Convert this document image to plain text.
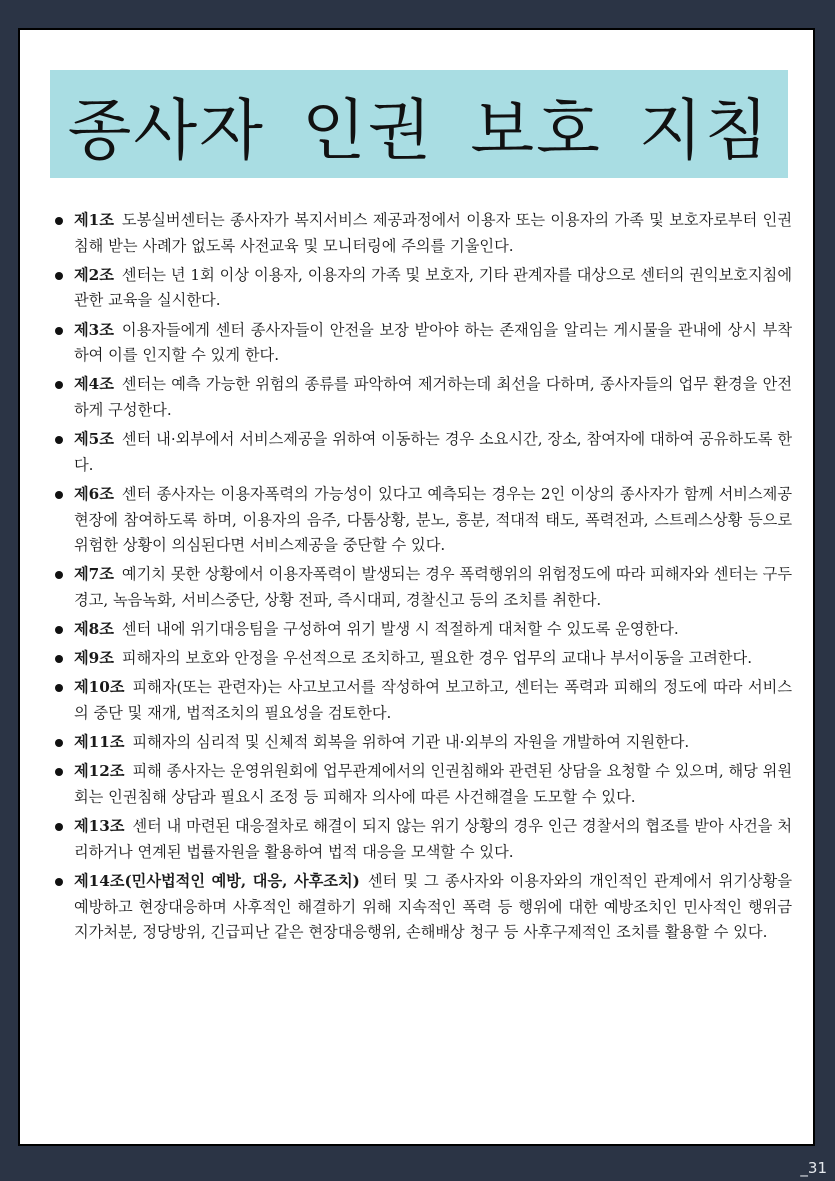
종사자 인권 보호 지침
제1조 도봉실버센터는 종사자가 복지서비스 제공과정에서 이용자 또는 이용자의 가족 및 보호자로부터 인권침해 받는 사례가 없도록 사전교육 및 모니터링에 주의를 기울인다.
제2조 센터는 년 1회 이상 이용자, 이용자의 가족 및 보호자, 기타 관계자를 대상으로 센터의 권익보호지침에 관한 교육을 실시한다.
제3조 이용자들에게 센터 종사자들이 안전을 보장 받아야 하는 존재임을 알리는 게시물을 관내에 상시 부착하여 이를 인지할 수 있게 한다.
제4조 센터는 예측 가능한 위험의 종류를 파악하여 제거하는데 최선을 다하며, 종사자들의 업무 환경을 안전하게 구성한다.
제5조 센터 내·외부에서 서비스제공을 위하여 이동하는 경우 소요시간, 장소, 참여자에 대하여 공유하도록 한다.
제6조 센터 종사자는 이용자폭력의 가능성이 있다고 예측되는 경우는 2인 이상의 종사자가 함께 서비스제공 현장에 참여하도록 하며, 이용자의 음주, 다툼상황, 분노, 흥분, 적대적 태도, 폭력전과, 스트레스상황 등으로 위험한 상황이 의심된다면 서비스제공을 중단할 수 있다.
제7조 예기치 못한 상황에서 이용자폭력이 발생되는 경우 폭력행위의 위험정도에 따라 피해자와 센터는 구두경고, 녹음녹화, 서비스중단, 상황 전파, 즉시대피, 경찰신고 등의 조치를 취한다.
제8조 센터 내에 위기대응팀을 구성하여 위기 발생 시 적절하게 대처할 수 있도록 운영한다.
제9조 피해자의 보호와 안정을 우선적으로 조치하고, 필요한 경우 업무의 교대나 부서이동을 고려한다.
제10조 피해자(또는 관련자)는 사고보고서를 작성하여 보고하고, 센터는 폭력과 피해의 정도에 따라 서비스의 중단 및 재개, 법적조치의 필요성을 검토한다.
제11조 피해자의 심리적 및 신체적 회복을 위하여 기관 내·외부의 자원을 개발하여 지원한다.
제12조 피해 종사자는 운영위원회에 업무관계에서의 인권침해와 관련된 상담을 요청할 수 있으며, 해당 위원회는 인권침해 상담과 필요시 조정 등 피해자 의사에 따른 사건해결을 도모할 수 있다.
제13조 센터 내 마련된 대응절차로 해결이 되지 않는 위기 상황의 경우 인근 경찰서의 협조를 받아 사건을 처리하거나 연계된 법률자원을 활용하여 법적 대응을 모색할 수 있다.
제14조(민사법적인 예방, 대응, 사후조치) 센터 및 그 종사자와 이용자와의 개인적인 관계에서 위기상황을 예방하고 현장대응하며 사후적인 해결하기 위해 지속적인 폭력 등 행위에 대한 예방조치인 민사적인 행위금지가처분, 정당방위, 긴급피난 같은 현장대응행위, 손해배상 청구 등 사후구제적인 조치를 활용할 수 있다.
_31
